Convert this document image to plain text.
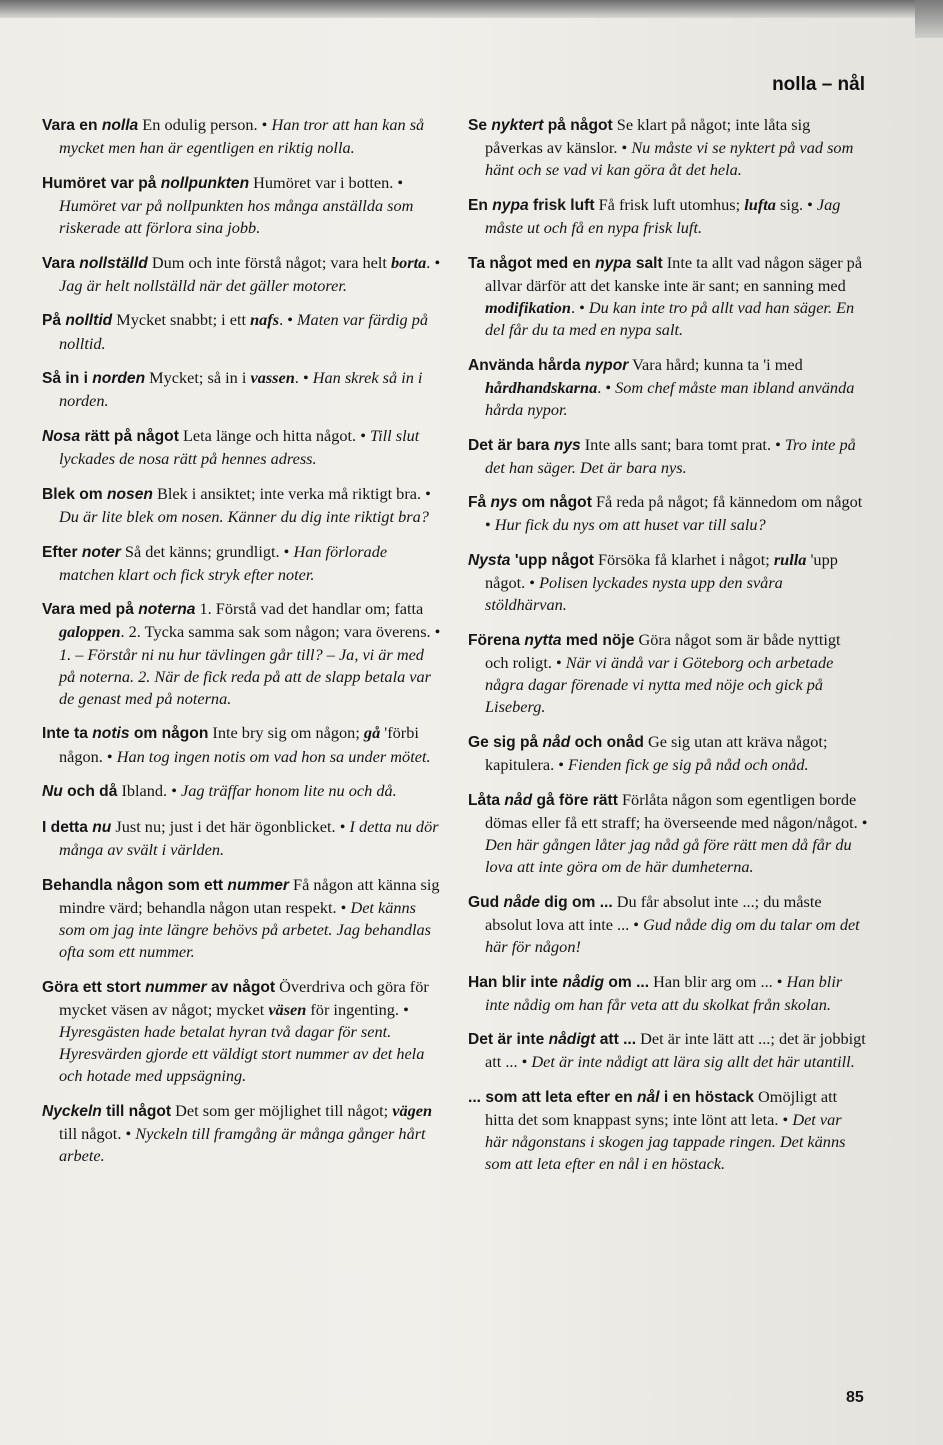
nolla – nål

Vara en nolla En odulig person. • Han tror att han kan så mycket men han är egentligen en riktig nolla.

Humöret var på nollpunkten Humöret var i botten. • Humöret var på nollpunkten hos många anställda som riskerade att förlora sina jobb.

Vara nollställd Dum och inte förstå något; vara helt borta. • Jag är helt nollställd när det gäller motorer.

På nolltid Mycket snabbt; i ett nafs. • Maten var färdig på nolltid.

Så in i norden Mycket; så in i vassen. • Han skrek så in i norden.

Nosa rätt på något Leta länge och hitta något. • Till slut lyckades de nosa rätt på hennes adress.

Blek om nosen Blek i ansiktet; inte verka må riktigt bra. • Du är lite blek om nosen. Känner du dig inte riktigt bra?

Efter noter Så det känns; grundligt. • Han förlorade matchen klart och fick stryk efter noter.

Vara med på noterna 1. Förstå vad det handlar om; fatta galoppen. 2. Tycka samma sak som någon; vara överens. • 1. – Förstår ni nu hur tävlingen går till? – Ja, vi är med på noterna. 2. När de fick reda på att de slapp betala var de genast med på noterna.

Inte ta notis om någon Inte bry sig om någon; gå 'förbi någon. • Han tog ingen notis om vad hon sa under mötet.

Nu och då Ibland. • Jag träffar honom lite nu och då.

I detta nu Just nu; just i det här ögonblicket. • I detta nu dör många av svält i världen.

Behandla någon som ett nummer Få någon att känna sig mindre värd; behandla någon utan respekt. • Det känns som om jag inte längre behövs på arbetet. Jag behandlas ofta som ett nummer.

Göra ett stort nummer av något Överdriva och göra för mycket väsen av något; mycket väsen för ingenting. • Hyresgästen hade betalat hyran två dagar för sent. Hyresvärden gjorde ett väldigt stort nummer av det hela och hotade med uppsägning.

Nyckeln till något Det som ger möjlighet till något; vägen till något. • Nyckeln till framgång är många gånger hårt arbete.

Se nyktert på något Se klart på något; inte låta sig påverkas av känslor. • Nu måste vi se nyktert på vad som hänt och se vad vi kan göra åt det hela.

En nypa frisk luft Få frisk luft utomhus; lufta sig. • Jag måste ut och få en nypa frisk luft.

Ta något med en nypa salt Inte ta allt vad någon säger på allvar därför att det kanske inte är sant; en sanning med modifikation. • Du kan inte tro på allt vad han säger. En del får du ta med en nypa salt.

Använda hårda nypor Vara hård; kunna ta 'i med hårdhandskarna. • Som chef måste man ibland använda hårda nypor.

Det är bara nys Inte alls sant; bara tomt prat. • Tro inte på det han säger. Det är bara nys.

Få nys om något Få reda på något; få kännedom om något • Hur fick du nys om att huset var till salu?

Nysta 'upp något Försöka få klarhet i något; rulla 'upp något. • Polisen lyckades nysta upp den svåra stöldhärvan.

Förena nytta med nöje Göra något som är både nyttigt och roligt. • När vi ändå var i Göteborg och arbetade några dagar förenade vi nytta med nöje och gick på Liseberg.

Ge sig på nåd och onåd Ge sig utan att kräva något; kapitulera. • Fienden fick ge sig på nåd och onåd.

Låta nåd gå före rätt Förlåta någon som egentligen borde dömas eller få ett straff; ha överseende med någon/något. • Den här gången låter jag nåd gå före rätt men då får du lova att inte göra om de här dumheterna.

Gud nåde dig om ... Du får absolut inte ...; du måste absolut lova att inte ... • Gud nåde dig om du talar om det här för någon!

Han blir inte nådig om ... Han blir arg om ... • Han blir inte nådig om han får veta att du skolkat från skolan.

Det är inte nådigt att ... Det är inte lätt att ...; det är jobbigt att ... • Det är inte nådigt att lära sig allt det här utantill.

... som att leta efter en nål i en höstack Omöjligt att hitta det som knappast syns; inte lönt att leta. • Det var här någonstans i skogen jag tappade ringen. Det känns som att leta efter en nål i en höstack.

85
